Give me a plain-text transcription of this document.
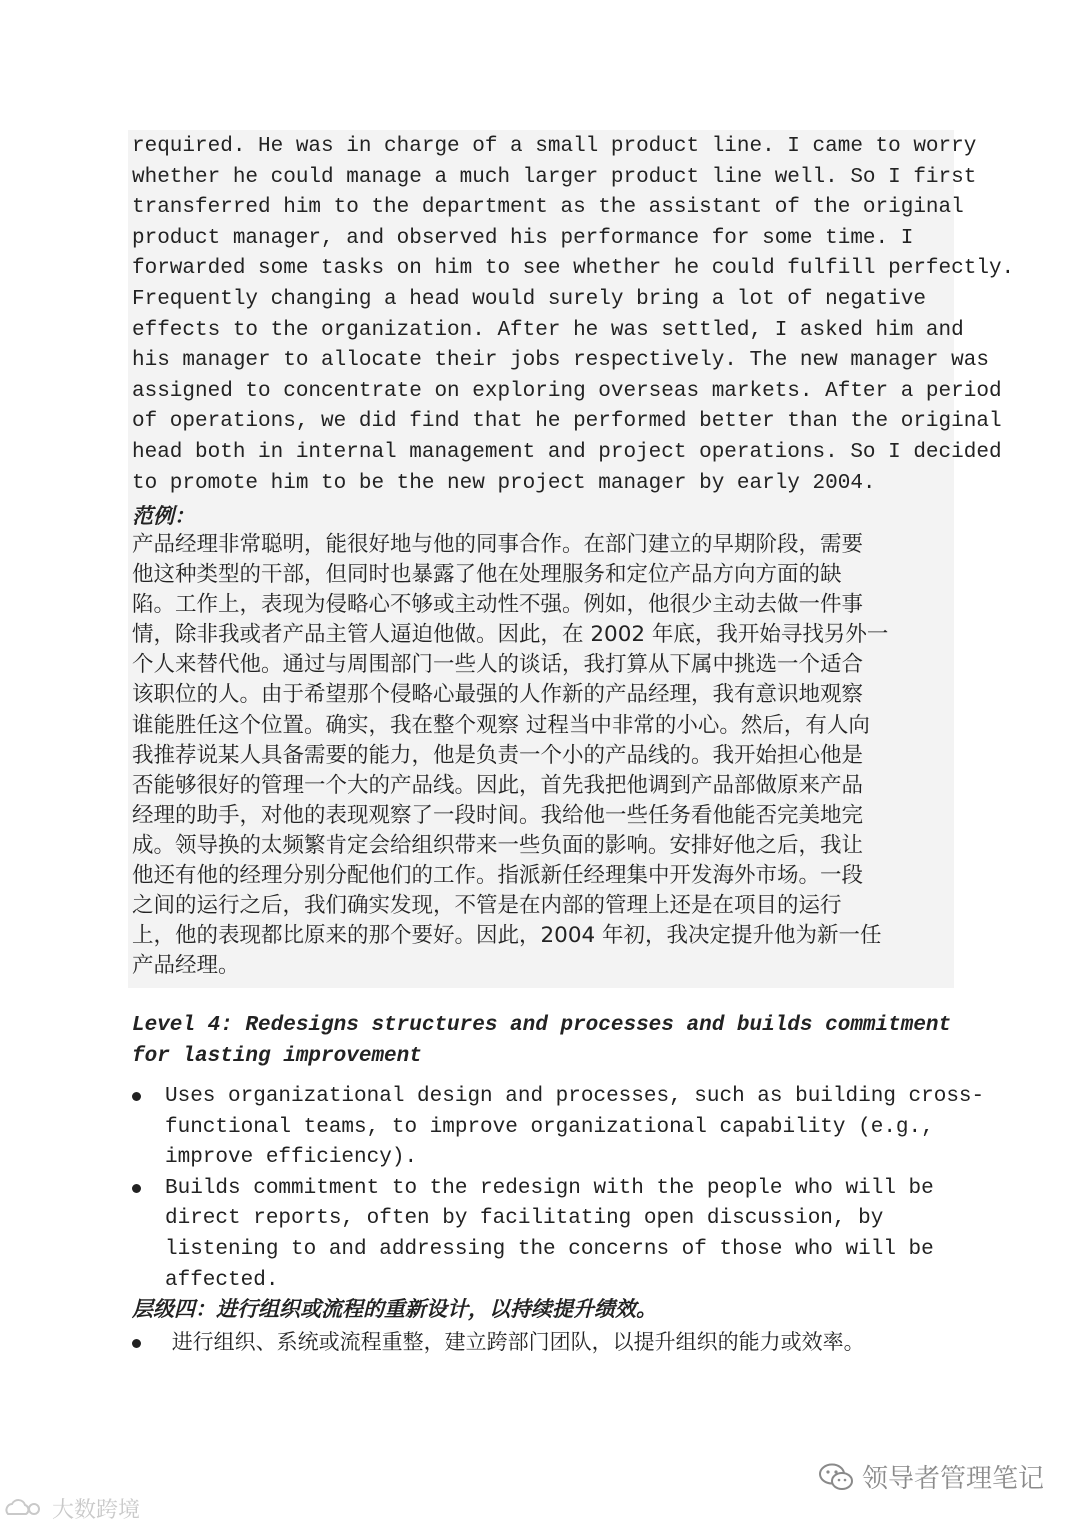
required. He was in charge of a small product line. I came to worry
whether he could manage a much larger product line well. So I first
transferred him to the department as the assistant of the original
product manager, and observed his performance for some time. I
forwarded some tasks on him to see whether he could fulfill perfectly.
Frequently changing a head would surely bring a lot of negative
effects to the organization. After he was settled, I asked him and
his manager to allocate their jobs respectively. The new manager was
assigned to concentrate on exploring overseas markets. After a period
of operations, we did find that he performed better than the original
head both in internal management and project operations. So I decided
to promote him to be the new project manager by early 2004.

范例：

产品经理非常聪明，能很好地与他的同事合作。在部门建立的早期阶段，需要
他这种类型的干部，但同时也暴露了他在处理服务和定位产品方向方面的缺
陷。工作上，表现为侵略心不够或主动性不强。例如，他很少主动去做一件事
情，除非我或者产品主管人逼迫他做。因此，在 2002 年底，我开始寻找另外一
个人来替代他。通过与周围部门一些人的谈话，我打算从下属中挑选一个适合
该职位的人。由于希望那个侵略心最强的人作新的产品经理，我有意识地观察
谁能胜任这个位置。确实，我在整个观察 过程当中非常的小心。然后，有人向
我推荐说某人具备需要的能力，他是负责一个小的产品线的。我开始担心他是
否能够很好的管理一个大的产品线。因此，首先我把他调到产品部做原来产品
经理的助手，对他的表现观察了一段时间。我给他一些任务看他能否完美地完
成。领导换的太频繁肯定会给组织带来一些负面的影响。安排好他之后，我让
他还有他的经理分别分配他们的工作。指派新任经理集中开发海外市场。一段
之间的运行之后，我们确实发现，不管是在内部的管理上还是在项目的运行
上，他的表现都比原来的那个要好。因此，2004 年初，我决定提升他为新一任
产品经理。

Level 4: Redesigns structures and processes and builds commitment
for lasting improvement

Uses organizational design and processes, such as building cross-
functional teams, to improve organizational capability (e.g.,
improve efficiency).
Builds commitment to the redesign with the people who will be
direct reports, often by facilitating open discussion, by
listening to and addressing the concerns of those who will be
affected.

层级四：进行组织或流程的重新设计，以持续提升绩效。

进行组织、系统或流程重整，建立跨部门团队，以提升组织的能力或效率。
大数跨境
领导者管理笔记
